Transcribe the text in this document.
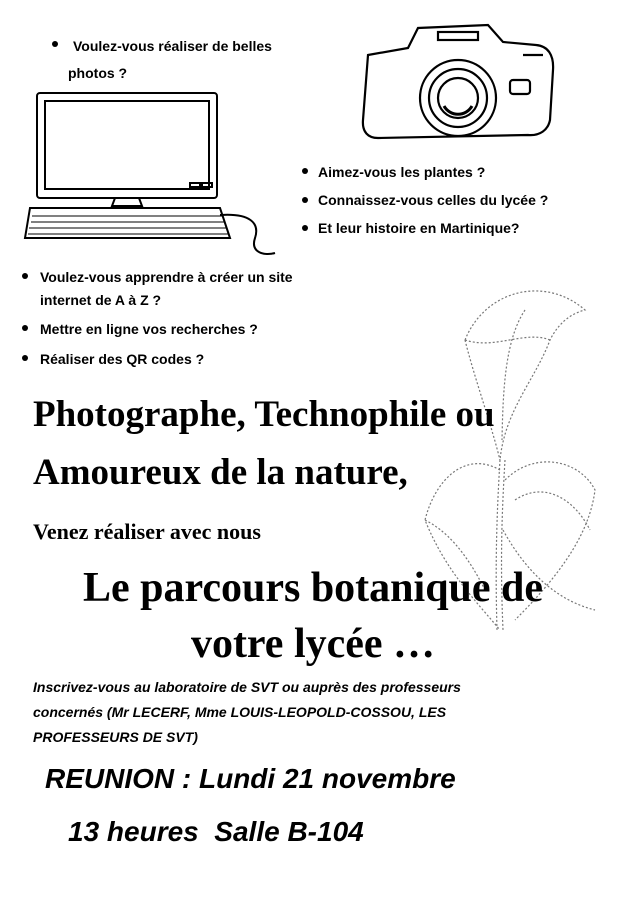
Voulez-vous réaliser de belles
photos ?
Aimez-vous les plantes ?
Connaissez-vous celles du lycée ?
Et leur histoire en Martinique?
Voulez-vous apprendre à créer un site
internet de A à Z ?
Mettre en ligne vos recherches ?
Réaliser des QR codes ?
Photographe, Technophile ou
Amoureux de la nature,
Venez réaliser avec nous
Le parcours botanique de
votre lycée …
Inscrivez-vous au laboratoire de SVT ou auprès des professeurs
concernés (Mr LECERF, Mme LOUIS-LEOPOLD-COSSOU, LES
PROFESSEURS DE SVT)
REUNION : Lundi 21 novembre
13 heures  Salle B-104
